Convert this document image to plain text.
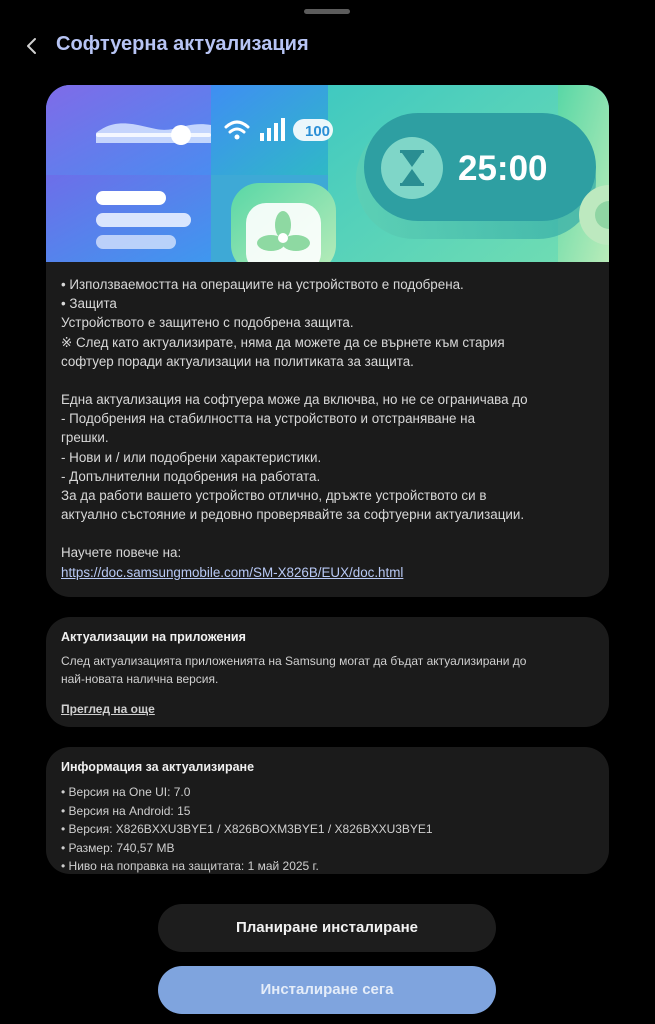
Софтуерна актуализация
100
25:00
• Използваемостта на операциите на устройството е подобрена.
• Защита
Устройството е защитено с подобрена защита.
※ След като актуализирате, няма да можете да се върнете към стария
софтуер поради актуализации на политиката за защита.
Една актуализация на софтуера може да включва, но не се ограничава до
- Подобрения на стабилността на устройството и отстраняване на
грешки.
- Нови и / или подобрени характеристики.
- Допълнителни подобрения на работата.
За да работи вашето устройство отлично, дръжте устройството си в
актуално състояние и редовно проверявайте за софтуерни актуализации.
Научете повече на:
https://doc.samsungmobile.com/SM-X826B/EUX/doc.html
Актуализации на приложения
След актуализацията приложенията на Samsung могат да бъдат актуализирани до
най-новата налична версия.
Преглед на още
Информация за актуализиране
• Версия на One UI: 7.0
• Версия на Android: 15
• Версия: X826BXXU3BYE1 / X826BOXM3BYE1 / X826BXXU3BYE1
• Размер: 740,57 MB
• Ниво на поправка на защитата: 1 май 2025 г.
Планиране инсталиране
Инсталиране сега
